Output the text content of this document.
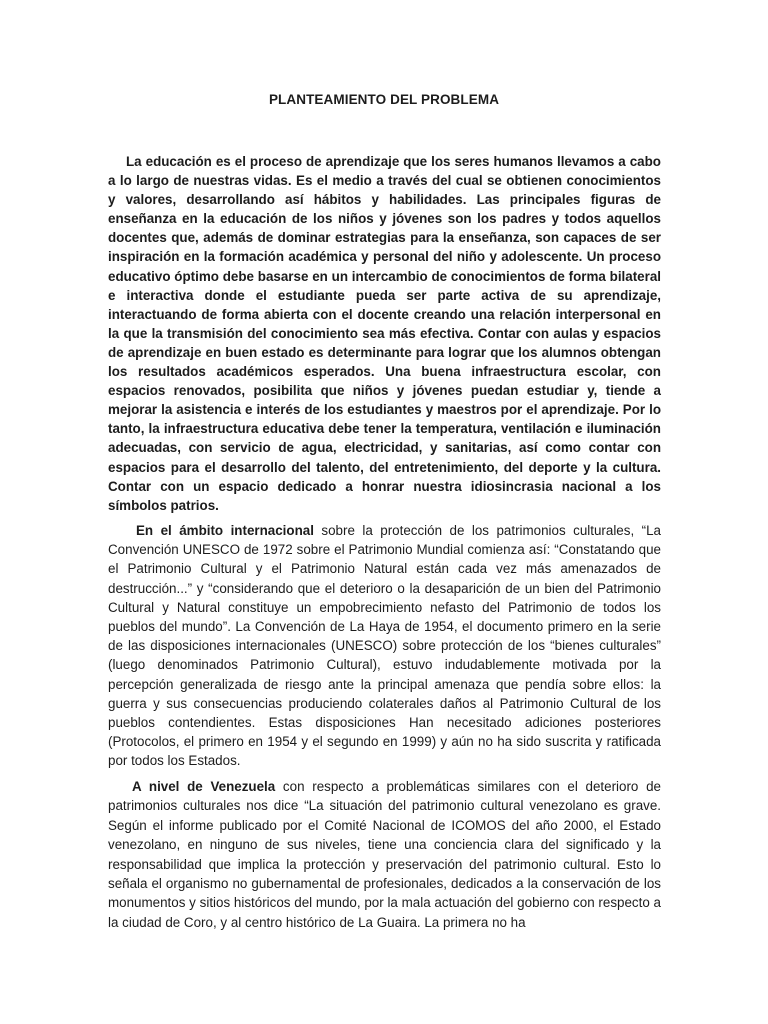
PLANTEAMIENTO DEL PROBLEMA

La educación es el proceso de aprendizaje que los seres humanos llevamos a cabo a lo largo de nuestras vidas. Es el medio a través del cual se obtienen conocimientos y valores, desarrollando así hábitos y habilidades. Las principales figuras de enseñanza en la educación de los niños y jóvenes son los padres y todos aquellos docentes que, además de dominar estrategias para la enseñanza, son capaces de ser inspiración en la formación académica y personal del niño y adolescente. Un proceso educativo óptimo debe basarse en un intercambio de conocimientos de forma bilateral e interactiva donde el estudiante pueda ser parte activa de su aprendizaje, interactuando de forma abierta con el docente creando una relación interpersonal en la que la transmisión del conocimiento sea más efectiva. Contar con aulas y espacios de aprendizaje en buen estado es determinante para lograr que los alumnos obtengan los resultados académicos esperados. Una buena infraestructura escolar, con espacios renovados, posibilita que niños y jóvenes puedan estudiar y, tiende a mejorar la asistencia e interés de los estudiantes y maestros por el aprendizaje. Por lo tanto, la infraestructura educativa debe tener la temperatura, ventilación e iluminación adecuadas, con servicio de agua, electricidad, y sanitarias, así como contar con espacios para el desarrollo del talento, del entretenimiento, del deporte y la cultura. Contar con un espacio dedicado a honrar nuestra idiosincrasia nacional a los símbolos patrios.

En el ámbito internacional sobre la protección de los patrimonios culturales, “La Convención UNESCO de 1972 sobre el Patrimonio Mundial comienza así: “Constatando que el Patrimonio Cultural y el Patrimonio Natural están cada vez más amenazados de destrucción...” y “considerando que el deterioro o la desaparición de un bien del Patrimonio Cultural y Natural constituye un empobrecimiento nefasto del Patrimonio de todos los pueblos del mundo”. La Convención de La Haya de 1954, el documento primero en la serie de las disposiciones internacionales (UNESCO) sobre protección de los “bienes culturales” (luego denominados Patrimonio Cultural), estuvo indudablemente motivada por la percepción generalizada de riesgo ante la principal amenaza que pendía sobre ellos: la guerra y sus consecuencias produciendo colaterales daños al Patrimonio Cultural de los pueblos contendientes. Estas disposiciones Han necesitado adiciones posteriores (Protocolos, el primero en 1954 y el segundo en 1999) y aún no ha sido suscrita y ratificada por todos los Estados.

A nivel de Venezuela con respecto a problemáticas similares con el deterioro de patrimonios culturales nos dice “La situación del patrimonio cultural venezolano es grave. Según el informe publicado por el Comité Nacional de ICOMOS del año 2000, el Estado venezolano, en ninguno de sus niveles, tiene una conciencia clara del significado y la responsabilidad que implica la protección y preservación del patrimonio cultural. Esto lo señala el organismo no gubernamental de profesionales, dedicados a la conservación de los monumentos y sitios históricos del mundo, por la mala actuación del gobierno con respecto a la ciudad de Coro, y al centro histórico de La Guaira. La primera no ha
